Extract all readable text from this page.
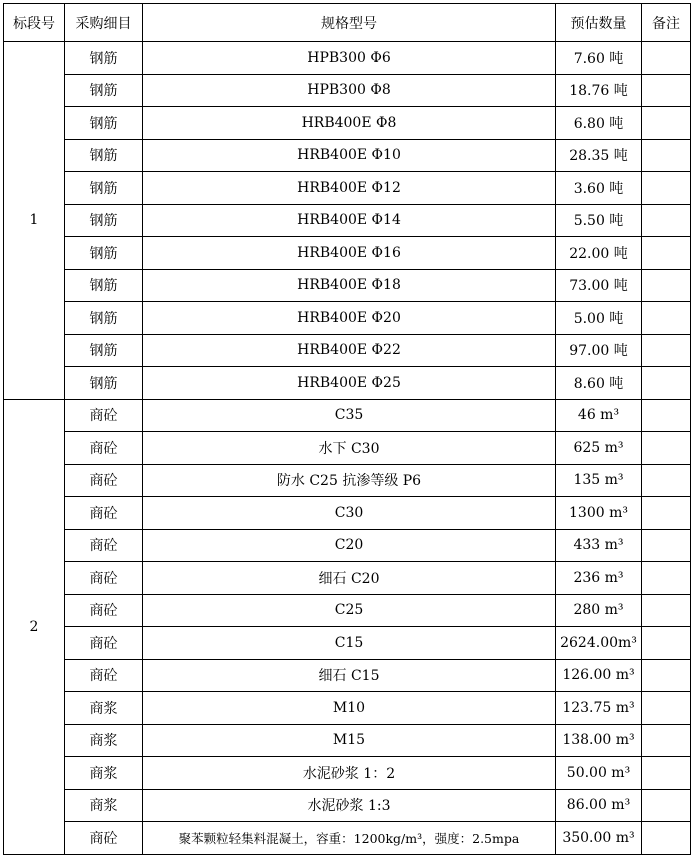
标段号	采购细目	规格型号	预估数量	备注
1	钢筋	HPB300 Φ6	7.60 吨	
	钢筋	HPB300 Φ8	18.76 吨	
	钢筋	HRB400E Φ8	6.80 吨	
	钢筋	HRB400E Φ10	28.35 吨	
	钢筋	HRB400E Φ12	3.60 吨	
	钢筋	HRB400E Φ14	5.50 吨	
	钢筋	HRB400E Φ16	22.00 吨	
	钢筋	HRB400E Φ18	73.00 吨	
	钢筋	HRB400E Φ20	5.00 吨	
	钢筋	HRB400E Φ22	97.00 吨	
	钢筋	HRB400E Φ25	8.60 吨	
2	商砼	C35	46 m³	
	商砼	水下 C30	625 m³	
	商砼	防水 C25 抗渗等级 P6	135 m³	
	商砼	C30	1300 m³	
	商砼	C20	433 m³	
	商砼	细石 C20	236 m³	
	商砼	C25	280 m³	
	商砼	C15	2624.00m³	
	商砼	细石 C15	126.00 m³	
	商浆	M10	123.75 m³	
	商浆	M15	138.00 m³	
	商浆	水泥砂浆 1：2	50.00 m³	
	商浆	水泥砂浆 1:3	86.00 m³	
	商砼	聚苯颗粒轻集料混凝土，容重：1200kg/m³，强度：2.5mpa	350.00 m³	
